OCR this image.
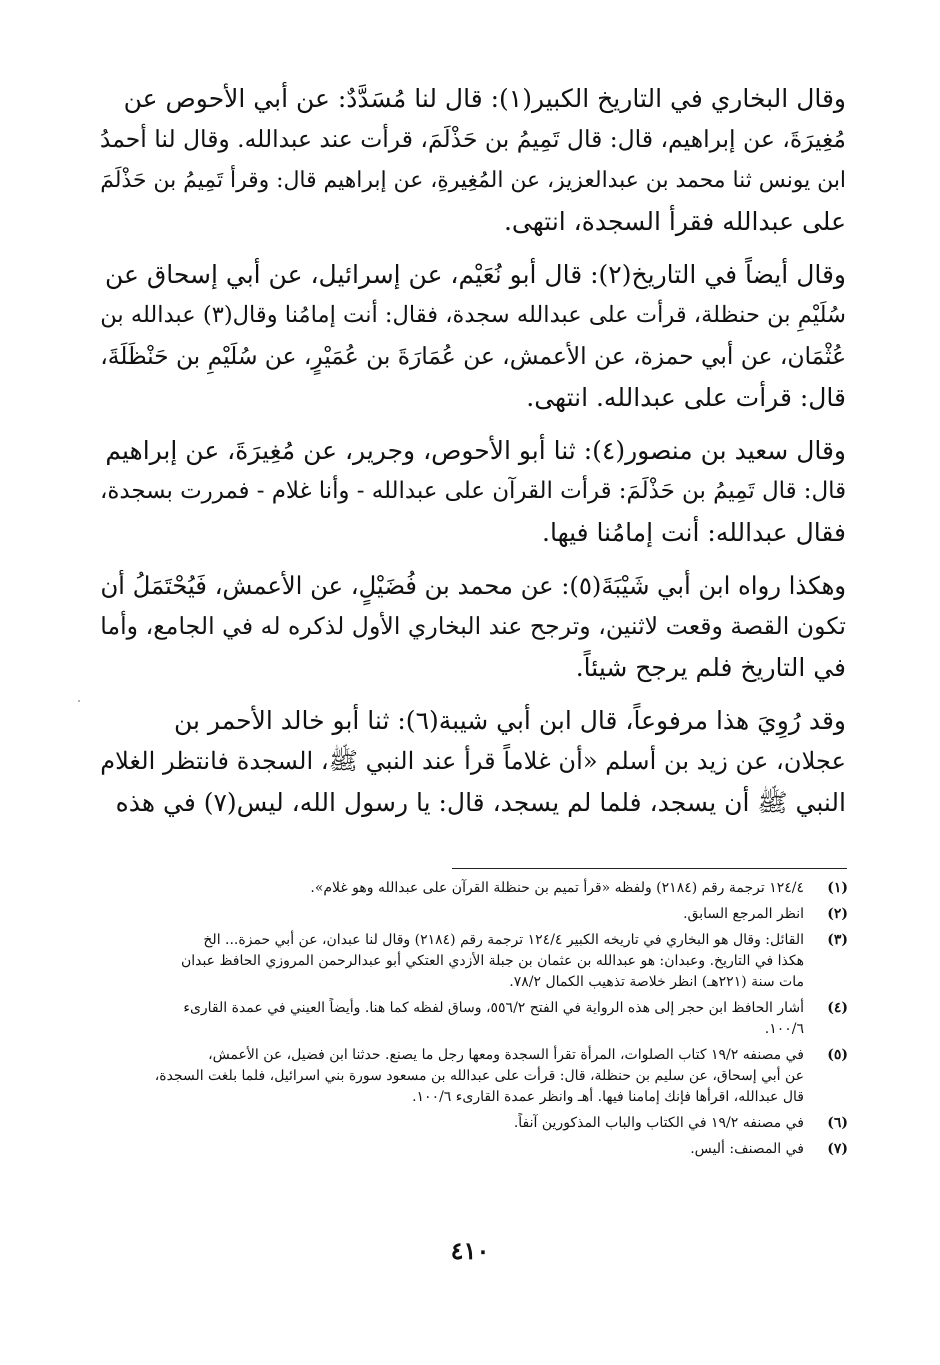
وقال البخاري في التاريخ الكبير(١): قال لنا مُسَدَّدٌ: عن أبي الأحوص عن
مُغِيرَةَ، عن إبراهيم، قال: قال تَمِيمُ بن حَذْلَمَ، قرأت عند عبدالله. وقال لنا أحمدُ
ابن يونس ثنا محمد بن عبدالعزيز، عن المُغِيرةِ، عن إبراهيم قال: وقرأ تَمِيمُ بن حَذْلَمَ
على عبدالله فقرأ السجدة، انتهى.
وقال أيضاً في التاريخ(٢): قال أبو نُعَيْم، عن إسرائيل، عن أبي إسحاق عن
سُلَيْمِ بن حنظلة، قرأت على عبدالله سجدة، فقال: أنت إمامُنا وقال(٣) عبدالله بن
عُثْمَان، عن أبي حمزة، عن الأعمش، عن عُمَارَةَ بن عُمَيْرٍ، عن سُلَيْمِ بن حَنْظَلَةَ،
قال: قرأت على عبدالله. انتهى.
وقال سعيد بن منصور(٤): ثنا أبو الأحوص، وجرير، عن مُغِيرَةَ، عن إبراهيم
قال: قال تَمِيمُ بن حَذْلَمَ: قرأت القرآن على عبدالله - وأنا غلام - فمررت بسجدة،
فقال عبدالله: أنت إمامُنا فيها.
وهكذا رواه ابن أبي شَيْبَةَ(٥): عن محمد بن فُضَيْلٍ، عن الأعمش، فَيُحْتَمَلُ أن
تكون القصة وقعت لاثنين، وترجح عند البخاري الأول لذكره له في الجامع، وأما
في التاريخ فلم يرجح شيئاً.
وقد رُوِيَ هذا مرفوعاً، قال ابن أبي شيبة(٦): ثنا أبو خالد الأحمر بن
عجلان، عن زيد بن أسلم «أن غلاماً قرأ عند النبي ﷺ، السجدة فانتظر الغلام
النبي ﷺ أن يسجد، فلما لم يسجد، قال: يا رسول الله، ليس(٧) في هذه
(١)
١٢٤/٤ ترجمة رقم (٢١٨٤) ولفظه «قرأ تميم بن حنظلة القرآن على عبدالله وهو غلام».
(٢)
انظر المرجع السابق.
(٣)
القائل: وقال هو البخاري في تاريخه الكبير ١٢٤/٤ ترجمة رقم (٢١٨٤) وقال لنا عبدان، عن أبي حمزة... الخ
هكذا في التاريخ. وعبدان: هو عبدالله بن عثمان بن جبلة الأزدي العتكي أبو عبدالرحمن المروزي الحافظ عبدان
مات سنة (٢٢١هـ) انظر خلاصة تذهيب الكمال ٧٨/٢.
(٤)
أشار الحافظ ابن حجر إلى هذه الرواية في الفتح ٥٥٦/٢، وساق لفظه كما هنا. وأيضاً العيني في عمدة القارىء
١٠٠/٦.
(٥)
في مصنفه ١٩/٢ كتاب الصلوات، المرأة تقرأ السجدة ومعها رجل ما يصنع. حدثنا ابن فضيل، عن الأعمش،
عن أبي إسحاق، عن سليم بن حنظلة، قال: قرأت على عبدالله بن مسعود سورة بني اسرائيل، فلما بلغت السجدة،
قال عبدالله، اقرأها فإنك إمامنا فيها. أهـ وانظر عمدة القارىء ١٠٠/٦.
(٦)
في مصنفه ١٩/٢ في الكتاب والباب المذكورين آنفاً.
(٧)
في المصنف: أليس.
٤١٠
